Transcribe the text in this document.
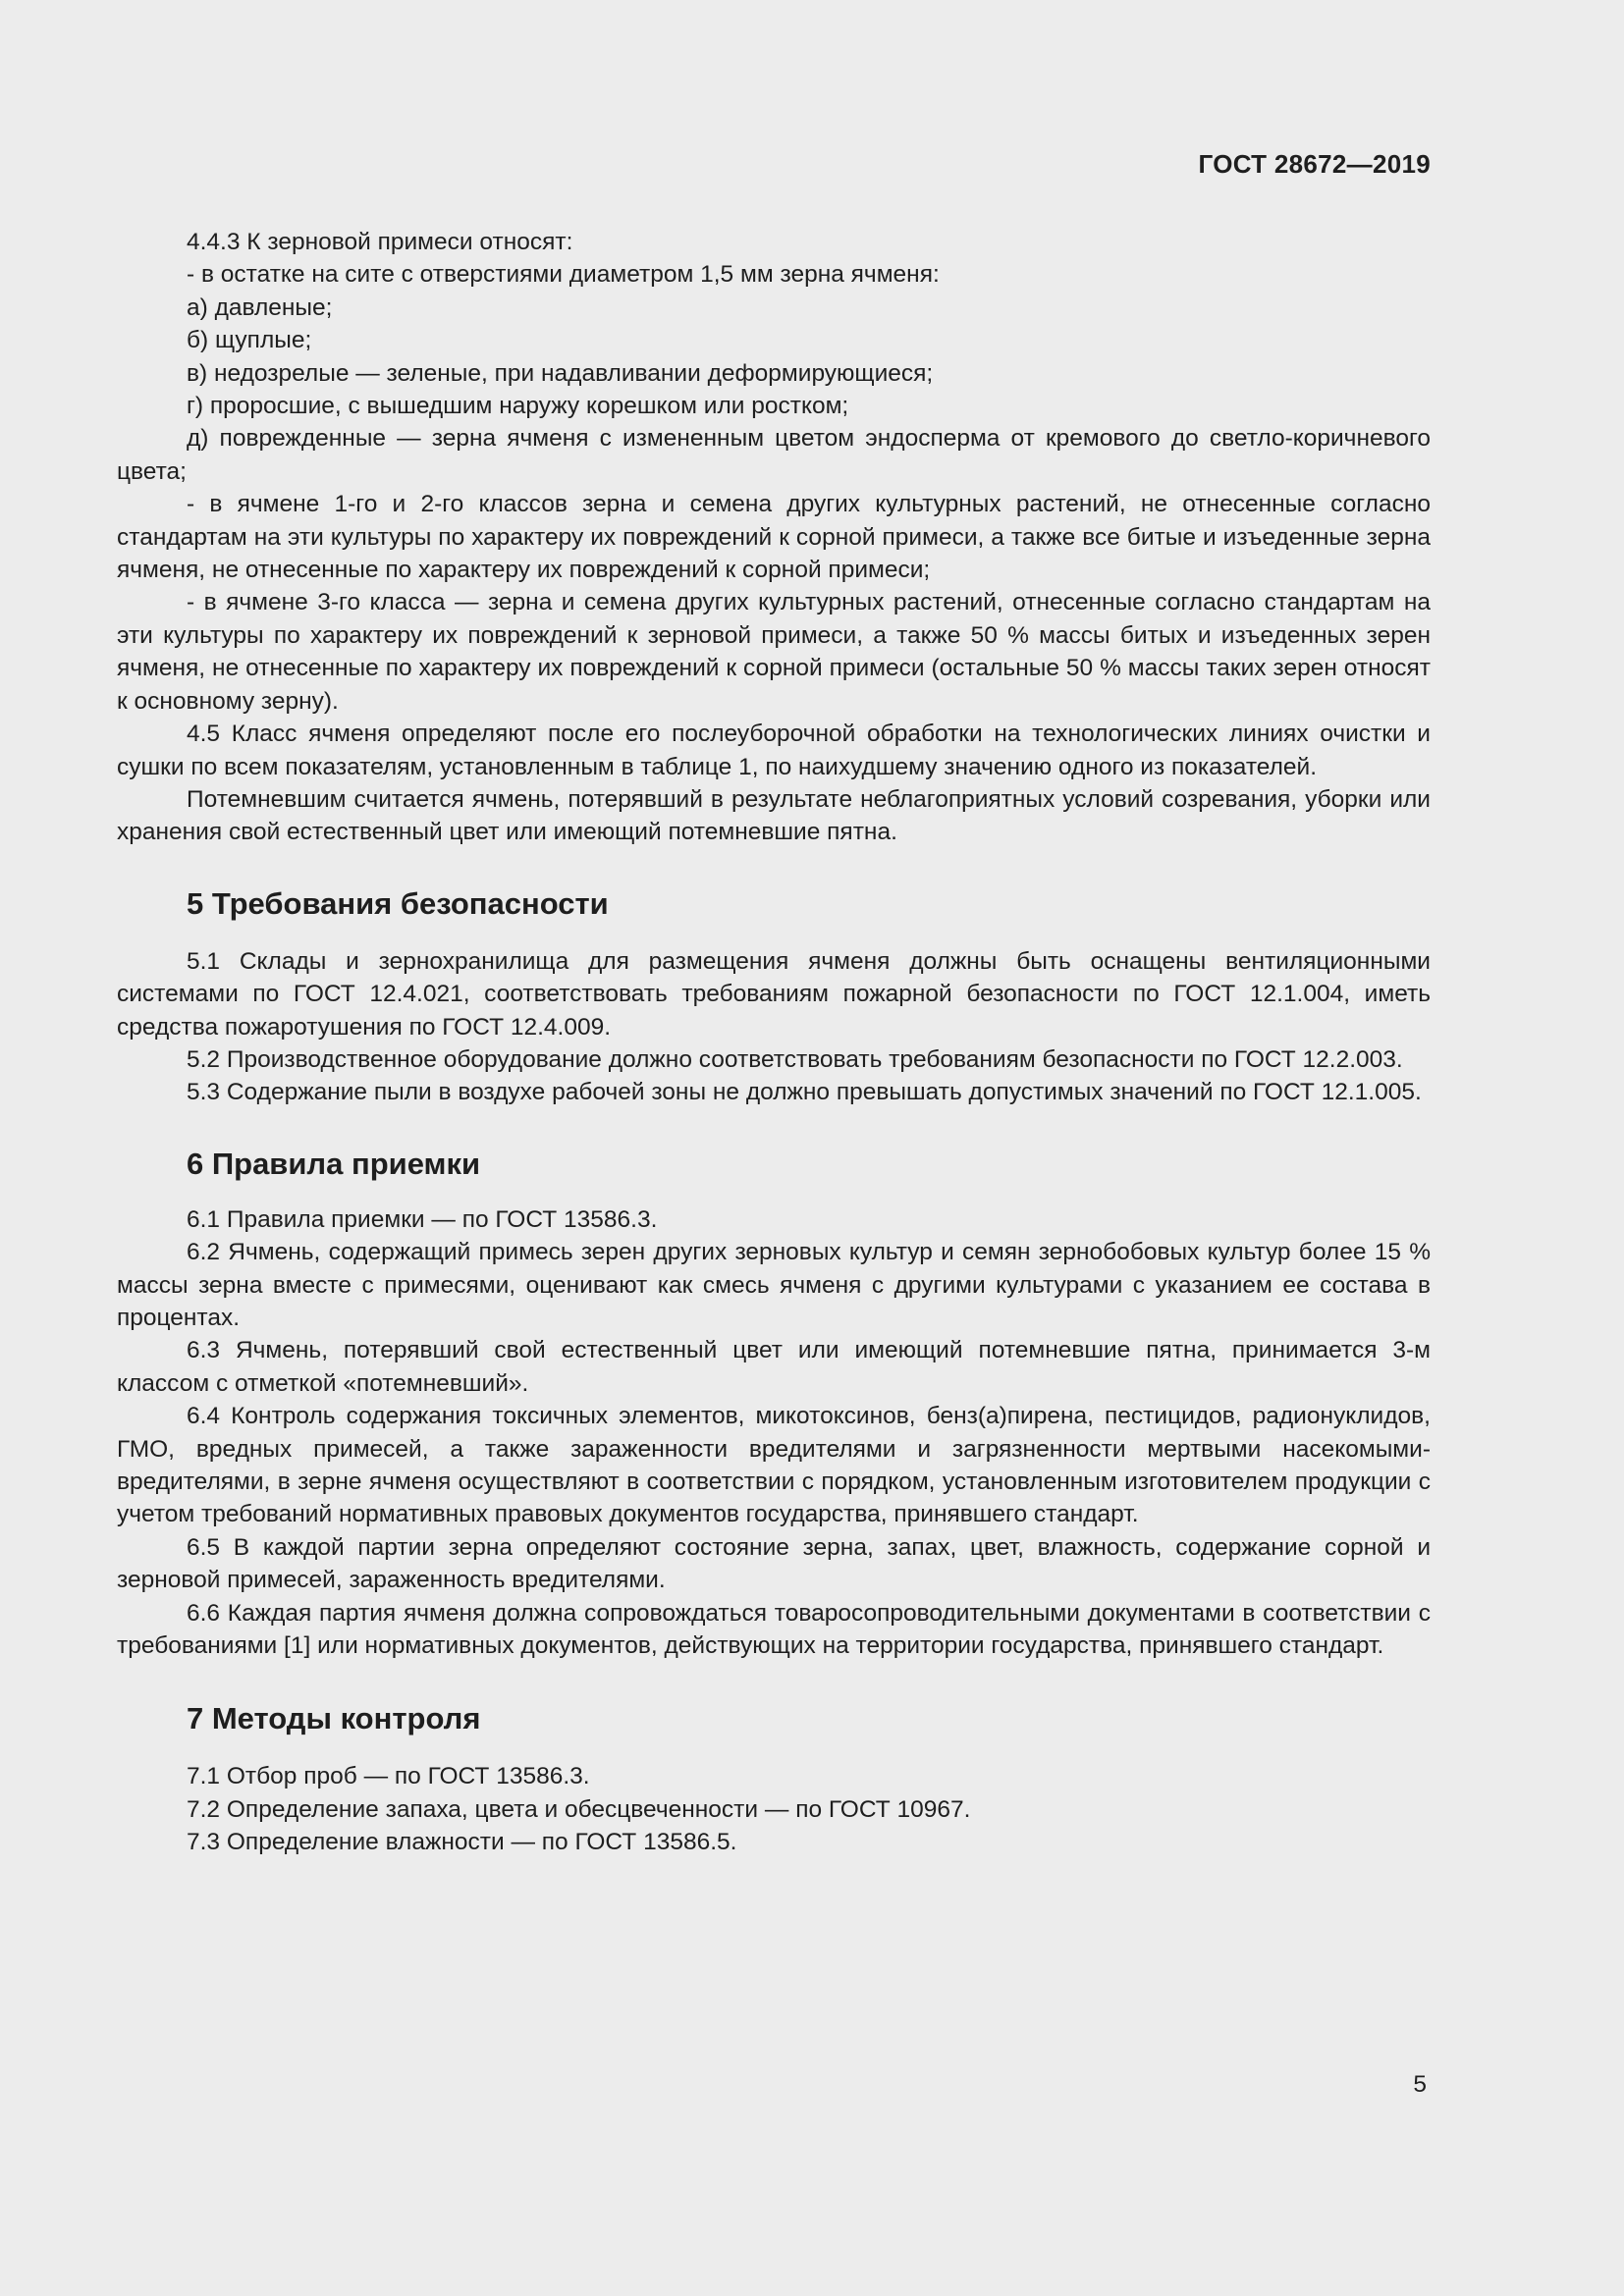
ГОСТ 28672—2019

4.4.3 К зерновой примеси относят:

- в остатке на сите с отверстиями диаметром 1,5 мм зерна ячменя:

а) давленые;

б) щуплые;

в) недозрелые — зеленые, при надавливании деформирующиеся;

г) проросшие, с вышедшим наружу корешком или ростком;

д) поврежденные — зерна ячменя с измененным цветом эндосперма от кремового до светло-коричневого цвета;

- в ячмене 1-го и 2-го классов зерна и семена других культурных растений, не отнесенные согласно стандартам на эти культуры по характеру их повреждений к сорной примеси, а также все битые и изъеденные зерна ячменя, не отнесенные по характеру их повреждений к сорной примеси;

- в ячмене 3-го класса — зерна и семена других культурных растений, отнесенные согласно стандартам на эти культуры по характеру их повреждений к зерновой примеси, а также 50 % массы битых и изъеденных зерен ячменя, не отнесенные по характеру их повреждений к сорной примеси (остальные 50 % массы таких зерен относят к основному зерну).

4.5 Класс ячменя определяют после его послеуборочной обработки на технологических линиях очистки и сушки по всем показателям, установленным в таблице 1, по наихудшему значению одного из показателей.

Потемневшим считается ячмень, потерявший в результате неблагоприятных условий созревания, уборки или хранения свой естественный цвет или имеющий потемневшие пятна.

5 Требования безопасности

5.1 Склады и зернохранилища для размещения ячменя должны быть оснащены вентиляционными системами по ГОСТ 12.4.021, соответствовать требованиям пожарной безопасности по ГОСТ 12.1.004, иметь средства пожаротушения по ГОСТ 12.4.009.

5.2 Производственное оборудование должно соответствовать требованиям безопасности по ГОСТ 12.2.003.

5.3 Содержание пыли в воздухе рабочей зоны не должно превышать допустимых значений по ГОСТ 12.1.005.

6 Правила приемки

6.1 Правила приемки — по ГОСТ 13586.3.

6.2 Ячмень, содержащий примесь зерен других зерновых культур и семян зернобобовых культур более 15 % массы зерна вместе с примесями, оценивают как смесь ячменя с другими культурами с указанием ее состава в процентах.

6.3 Ячмень, потерявший свой естественный цвет или имеющий потемневшие пятна, принимается 3-м классом с отметкой «потемневший».

6.4 Контроль содержания токсичных элементов, микотоксинов, бенз(а)пирена, пестицидов, радионуклидов, ГМО, вредных примесей, а также зараженности вредителями и загрязненности мертвыми насекомыми-вредителями, в зерне ячменя осуществляют в соответствии с порядком, установленным изготовителем продукции с учетом требований нормативных правовых документов государства, принявшего стандарт.

6.5 В каждой партии зерна определяют состояние зерна, запах, цвет, влажность, содержание сорной и зерновой примесей, зараженность вредителями.

6.6 Каждая партия ячменя должна сопровождаться товаросопроводительными документами в соответствии с требованиями [1] или нормативных документов, действующих на территории государства, принявшего стандарт.

7 Методы контроля

7.1 Отбор проб — по ГОСТ 13586.3.

7.2 Определение запаха, цвета и обесцвеченности — по ГОСТ 10967.

7.3 Определение влажности — по ГОСТ 13586.5.

5
